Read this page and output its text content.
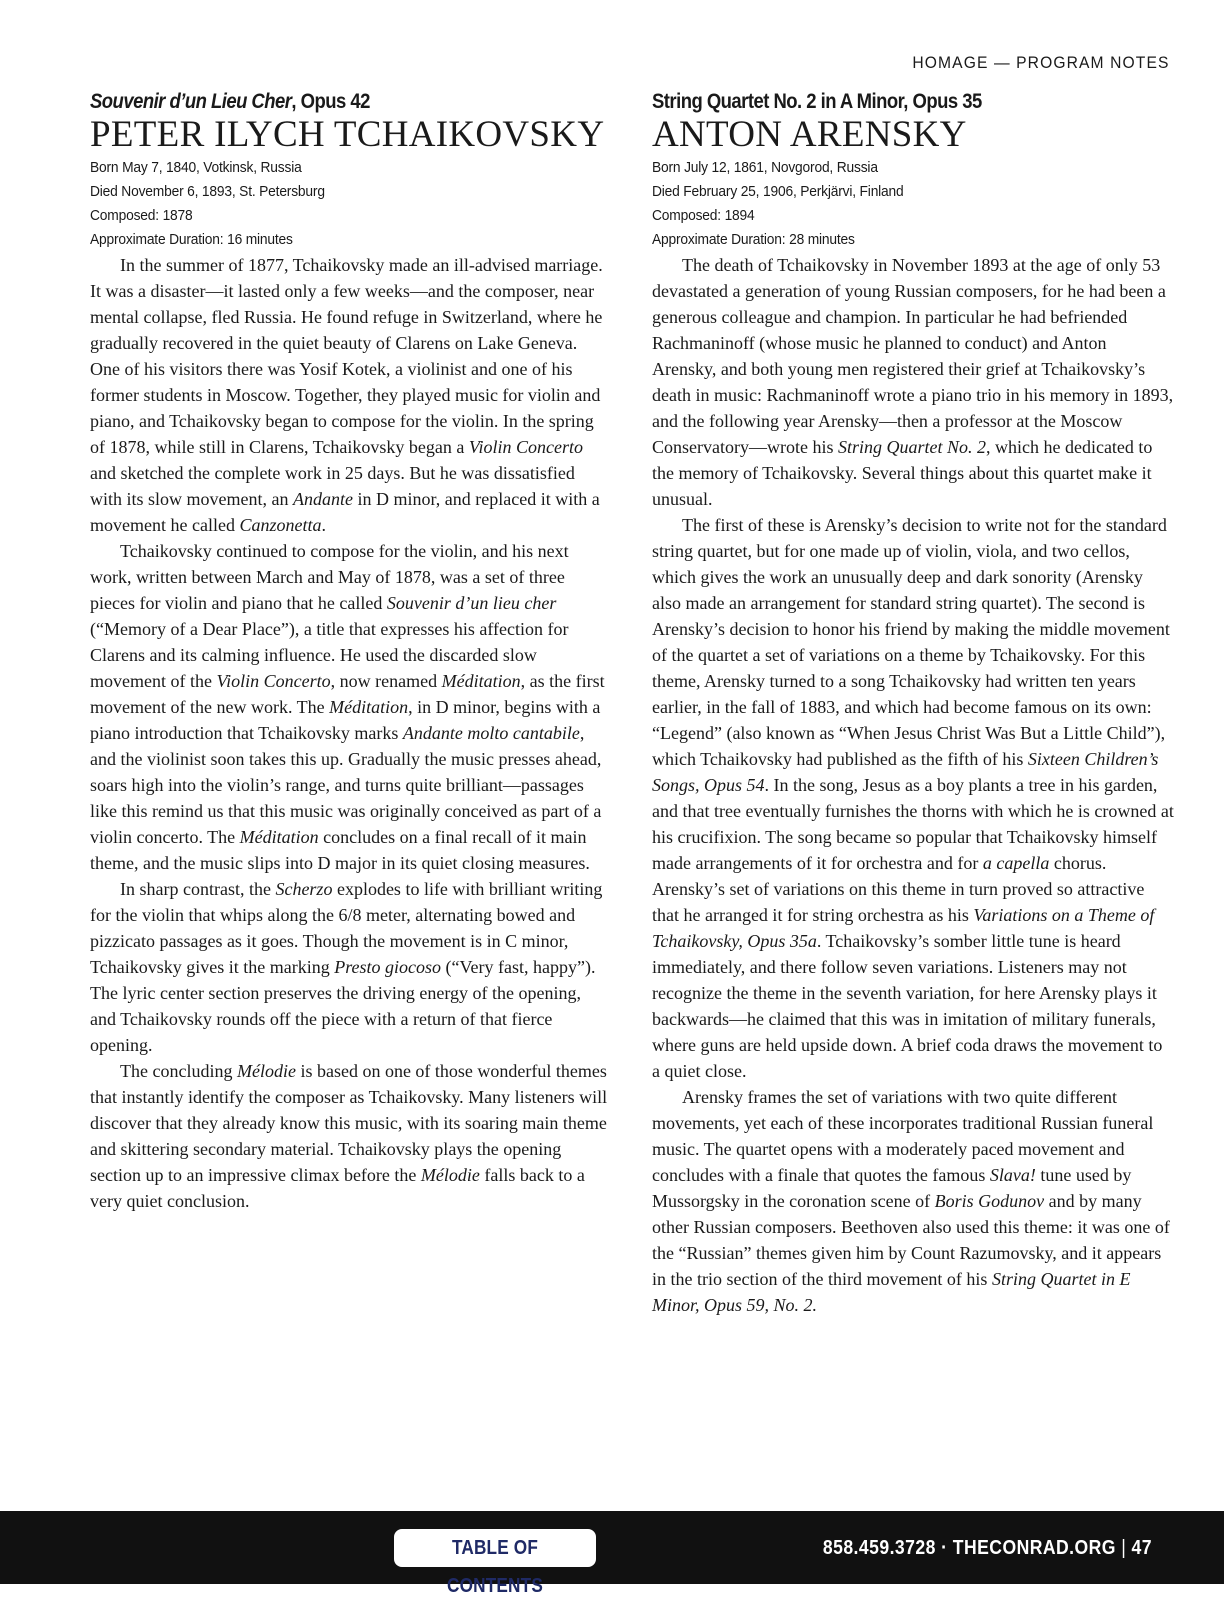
HOMAGE — PROGRAM NOTES
Souvenir d’un Lieu Cher, Opus 42
PETER ILYCH TCHAIKOVSKY
Born May 7, 1840, Votkinsk, Russia
Died November 6, 1893, St. Petersburg
Composed: 1878
Approximate Duration: 16 minutes

In the summer of 1877, Tchaikovsky made an ill-advised marriage. It was a disaster—it lasted only a few weeks—and the composer, near mental collapse, fled Russia. He found refuge in Switzerland, where he gradually recovered in the quiet beauty of Clarens on Lake Geneva. One of his visitors there was Yosif Kotek, a violinist and one of his former students in Moscow. Together, they played music for violin and piano, and Tchaikovsky began to compose for the violin. In the spring of 1878, while still in Clarens, Tchaikovsky began a Violin Concerto and sketched the complete work in 25 days. But he was dissatisfied with its slow movement, an Andante in D minor, and replaced it with a movement he called Canzonetta.

Tchaikovsky continued to compose for the violin, and his next work, written between March and May of 1878, was a set of three pieces for violin and piano that he called Souvenir d’un lieu cher (“Memory of a Dear Place”), a title that expresses his affection for Clarens and its calming influence. He used the discarded slow movement of the Violin Concerto, now renamed Méditation, as the first movement of the new work. The Méditation, in D minor, begins with a piano introduction that Tchaikovsky marks Andante molto cantabile, and the violinist soon takes this up. Gradually the music presses ahead, soars high into the violin’s range, and turns quite brilliant—passages like this remind us that this music was originally conceived as part of a violin concerto. The Méditation concludes on a final recall of it main theme, and the music slips into D major in its quiet closing measures.

In sharp contrast, the Scherzo explodes to life with brilliant writing for the violin that whips along the 6/8 meter, alternating bowed and pizzicato passages as it goes. Though the movement is in C minor, Tchaikovsky gives it the marking Presto giocoso (“Very fast, happy”). The lyric center section preserves the driving energy of the opening, and Tchaikovsky rounds off the piece with a return of that fierce opening.

The concluding Mélodie is based on one of those wonderful themes that instantly identify the composer as Tchaikovsky. Many listeners will discover that they already know this music, with its soaring main theme and skittering secondary material. Tchaikovsky plays the opening section up to an impressive climax before the Mélodie falls back to a very quiet conclusion.

String Quartet No. 2 in A Minor, Opus 35
ANTON ARENSKY
Born July 12, 1861, Novgorod, Russia
Died February 25, 1906, Perkjärvi, Finland
Composed: 1894
Approximate Duration: 28 minutes

The death of Tchaikovsky in November 1893 at the age of only 53 devastated a generation of young Russian composers, for he had been a generous colleague and champion. In particular he had befriended Rachmaninoff (whose music he planned to conduct) and Anton Arensky, and both young men registered their grief at Tchaikovsky’s death in music: Rachmaninoff wrote a piano trio in his memory in 1893, and the following year Arensky—then a professor at the Moscow Conservatory—wrote his String Quartet No. 2, which he dedicated to the memory of Tchaikovsky. Several things about this quartet make it unusual.

The first of these is Arensky’s decision to write not for the standard string quartet, but for one made up of violin, viola, and two cellos, which gives the work an unusually deep and dark sonority (Arensky also made an arrangement for standard string quartet). The second is Arensky’s decision to honor his friend by making the middle movement of the quartet a set of variations on a theme by Tchaikovsky. For this theme, Arensky turned to a song Tchaikovsky had written ten years earlier, in the fall of 1883, and which had become famous on its own: “Legend” (also known as “When Jesus Christ Was But a Little Child”), which Tchaikovsky had published as the fifth of his Sixteen Children’s Songs, Opus 54. In the song, Jesus as a boy plants a tree in his garden, and that tree eventually furnishes the thorns with which he is crowned at his crucifixion. The song became so popular that Tchaikovsky himself made arrangements of it for orchestra and for a capella chorus. Arensky’s set of variations on this theme in turn proved so attractive that he arranged it for string orchestra as his Variations on a Theme of Tchaikovsky, Opus 35a. Tchaikovsky’s somber little tune is heard immediately, and there follow seven variations. Listeners may not recognize the theme in the seventh variation, for here Arensky plays it backwards—he claimed that this was in imitation of military funerals, where guns are held upside down. A brief coda draws the movement to a quiet close.

Arensky frames the set of variations with two quite different movements, yet each of these incorporates traditional Russian funeral music. The quartet opens with a moderately paced movement and concludes with a finale that quotes the famous Slava! tune used by Mussorgsky in the coronation scene of Boris Godunov and by many other Russian composers. Beethoven also used this theme: it was one of the “Russian” themes given him by Count Razumovsky, and it appears in the trio section of the third movement of his String Quartet in E Minor, Opus 59, No. 2.

TABLE OF CONTENTS
858.459.3728 · THECONRAD.ORG | 47
